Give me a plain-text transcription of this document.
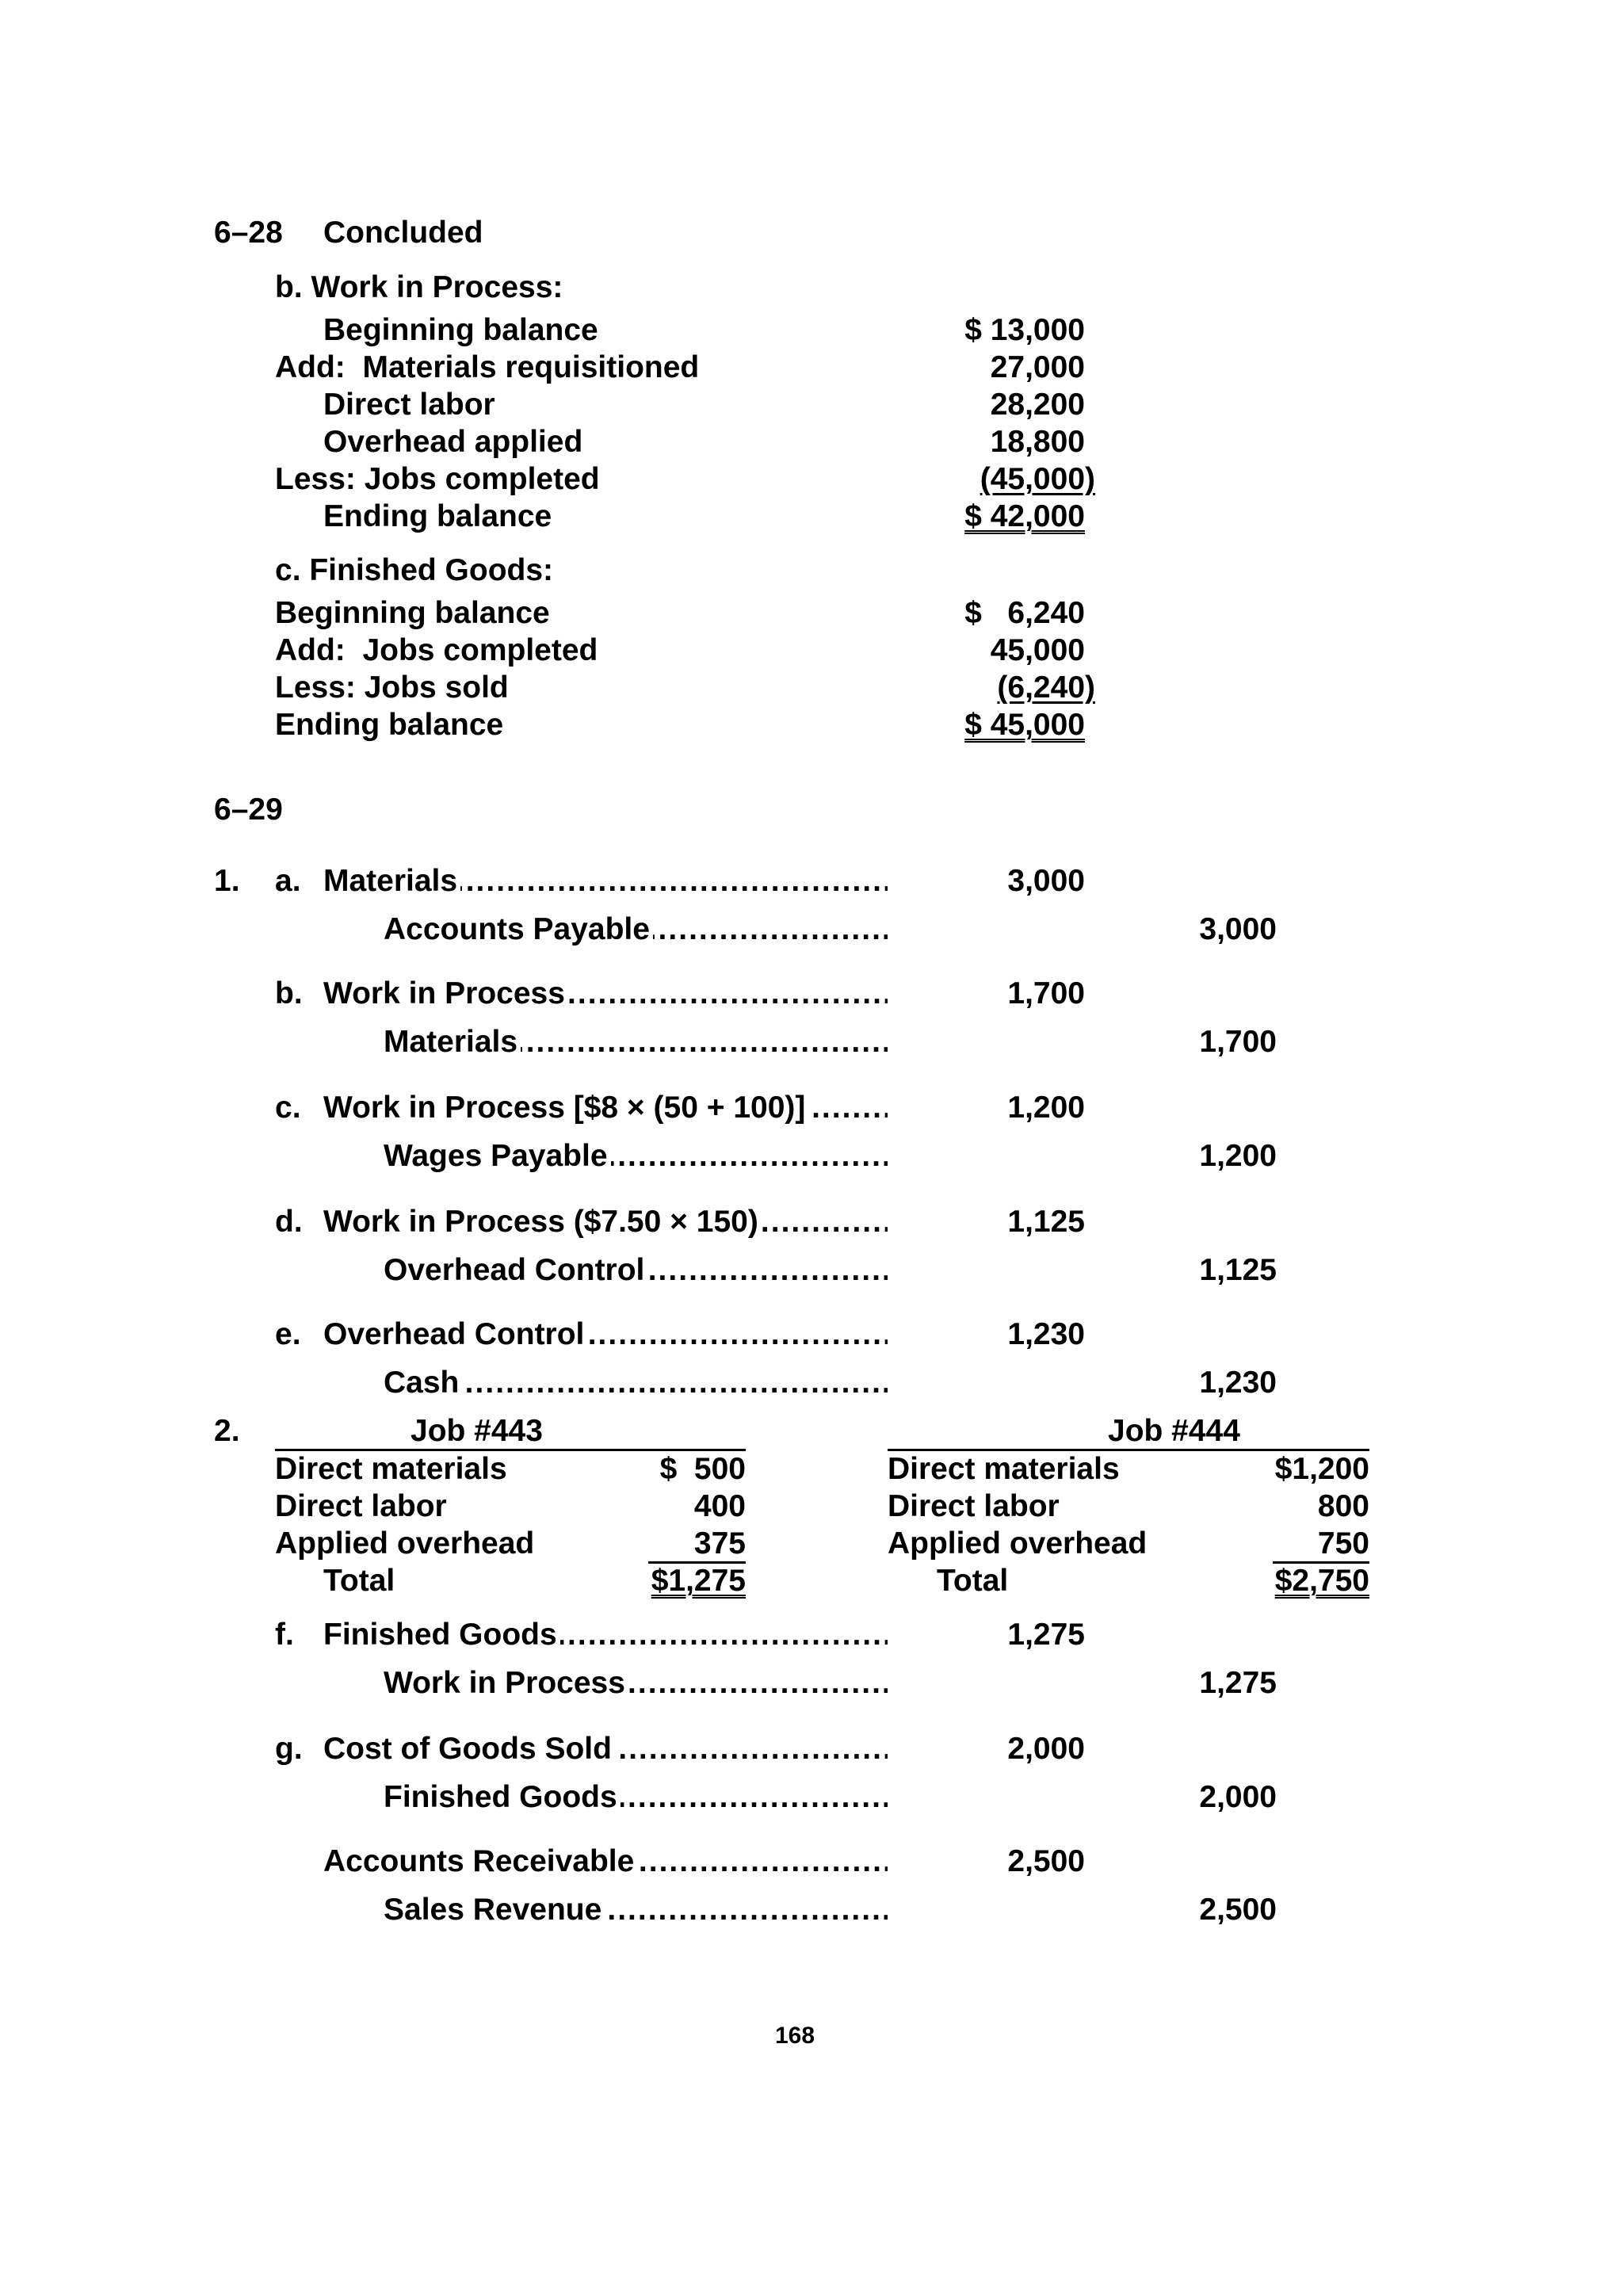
6–28 Concluded
b. Work in Process:
Beginning balance	$ 13,000
Add:  Materials requisitioned	27,000
Direct labor	28,200
Overhead applied	18,800
Less: Jobs completed	(45,000)
Ending balance	$ 42,000
c. Finished Goods:
Beginning balance	$   6,240
Add:  Jobs completed	45,000
Less: Jobs sold	(6,240)
Ending balance	$ 45,000
6–29
1. a. Materials .....	3,000
Accounts Payable .....	3,000
b. Work in Process .....	1,700
Materials .....	1,700
c. Work in Process [$8 × (50 + 100)] .....	1,200
Wages Payable .....	1,200
d. Work in Process ($7.50 × 150) .....	1,125
Overhead Control .....	1,125
e. Overhead Control .....	1,230
Cash .....	1,230
2.	Job #443
Direct materials	$  500
Direct labor	400
Applied overhead	375
Total	$1,275
Job #444
Direct materials	$1,200
Direct labor	800
Applied overhead	750
Total	$2,750
f. Finished Goods .....	1,275
Work in Process .....	1,275
g. Cost of Goods Sold .....	2,000
Finished Goods .....	2,000
Accounts Receivable .....	2,500
Sales Revenue .....	2,500
168
